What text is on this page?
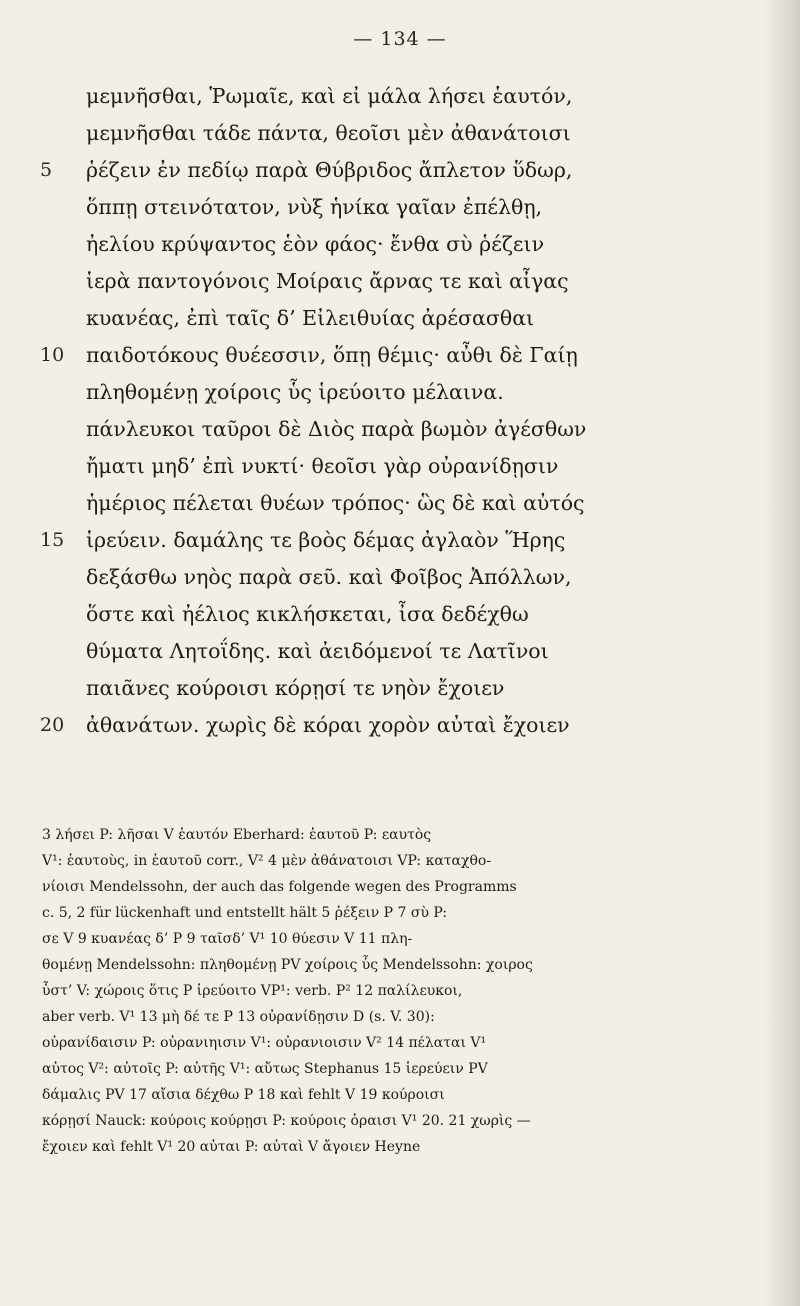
— 134 —
μεμνῆσθαι, Ῥωμαῖε, καὶ εἰ μάλα λήσει ἑαυτόν,
μεμνῆσθαι τάδε πάντα, θεοῖσι μὲν ἀθανάτοισι
5	ῥέζειν ἐν πεδίῳ παρὰ Θύβριδος ἄπλετον ὕδωρ,
ὅππῃ στεινότατον, νὺξ ἡνίκα γαῖαν ἐπέλθῃ,
ἠελίου κρύψαντος ἑὸν φάος· ἔνθα σὺ ῥέζειν
ἱερὰ παντογόνοις Μοίραις ἄρνας τε καὶ αἶγας
κυανέας, ἐπὶ ταῖς δ’ Εἰλειθυίας ἀρέσασθαι
10	παιδοτόκους θυέεσσιν, ὅπῃ θέμις· αὖθι δὲ Γαίῃ
πληθομένῃ χοίροις ὗς ἱρεύοιτο μέλαινα.
πάνλευκοι ταῦροι δὲ Διὸς παρὰ βωμὸν ἀγέσθων
ἤματι μηδ’ ἐπὶ νυκτί· θεοῖσι γὰρ οὐρανίδῃσιν
ἡμέριος πέλεται θυέων τρόπος· ὣς δὲ καὶ αὐτός
15	ἱρεύειν. δαμάλης τε βοὸς δέμας ἀγλαὸν Ἥρης
δεξάσθω νηὸς παρὰ σεῦ. καὶ Φοῖβος Ἀπόλλων,
ὅστε καὶ ἠέλιος κικλήσκεται, ἶσα δεδέχθω
θύματα Λητοΐδης. καὶ ἀειδόμενοί τε Λατῖνοι
παιᾶνες κούροισι κόρῃσί τε νηὸν ἔχοιεν
20	ἀθανάτων. χωρὶς δὲ κόραι χορὸν αὐταὶ ἔχοιεν
3 λήσει P: λῆσαι V ἑαυτόν Eberhard: ἑαυτοῦ P: εαυτὸς
V¹: ἑαυτοὺς, in ἑαυτοῦ corr., V² 4 μὲν ἀθάνατοισι VP: καταχθο-
νίοισι Mendelssohn, der auch das folgende wegen des Programms
c. 5, 2 für lückenhaft und entstellt hält 5 ῥέξειν P 7 σὺ P:
σε V 9 κυανέας δ’ P 9 ταῖσδ’ V¹ 10 θύεσιν V 11 πλη-
θομένῃ Mendelssohn: πληθομένῃ PV χοίροις ὗς Mendelssohn: χοιρος
ὗστ’ V: χώροις ὅτις P ἱρεύοιτο VP¹: verb. P² 12 παλίλευκοι,
aber verb. V¹ 13 μὴ δέ τε P 13 οὐρανίδῃσιν D (s. V. 30):
οὐρανίδαισιν P: οὐρανιηισιν V¹: οὐρανιοισιν V² 14 πέλαται V¹
αὐτος V²: αὐτοῖς P: αὐτῆς V¹: αὔτως Stephanus 15 ἱερεύειν PV
δάμαλις PV 17 αἴσια δέχθω P 18 καὶ fehlt V 19 κούροισι
κόρῃσί Nauck: κούροις κούρῃσι P: κούροις ὀραισι V¹ 20. 21 χωρὶς —
ἔχοιεν καὶ fehlt V¹ 20 αὐται P: αὐταὶ V ἄγοιεν Heyne
